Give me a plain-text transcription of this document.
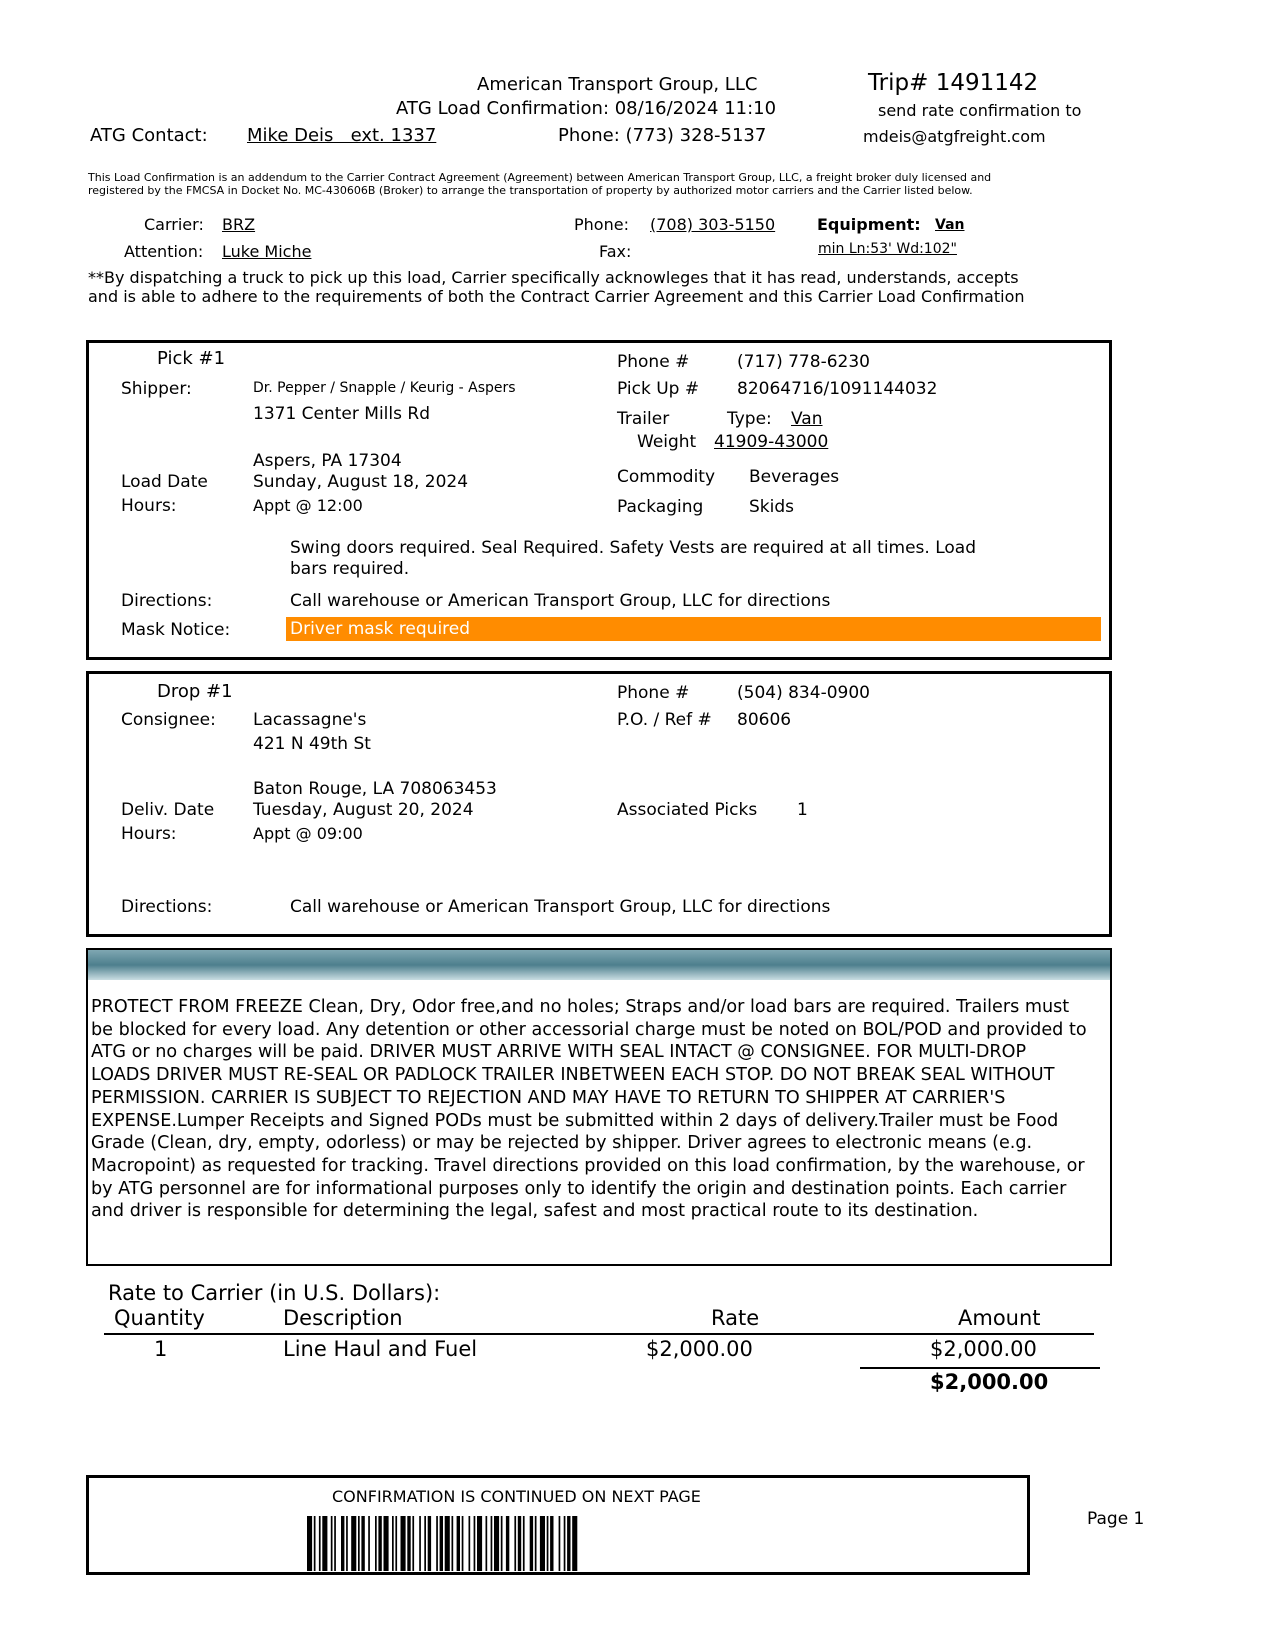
American Transport Group, LLC	Trip# 1491142
ATG Load Confirmation: 08/16/2024 11:10	send rate confirmation to
ATG Contact: Mike Deis   ext. 1337	Phone: (773) 328-5137	mdeis@atgfreight.com
This Load Confirmation is an addendum to the Carrier Contract Agreement (Agreement) between American Transport Group, LLC, a freight broker duly licensed and
registered by the FMCSA in Docket No. MC-430606B (Broker) to arrange the transportation of property by authorized motor carriers and the Carrier listed below.
Carrier: BRZ
Attention: Luke Miche
Phone: (708) 303-5150
Fax:
Equipment: Van
min Ln:53' Wd:102"
**By dispatching a truck to pick up this load, Carrier specifically acknowleges that it has read, understands, accepts
and is able to adhere to the requirements of both the Contract Carrier Agreement and this Carrier Load Confirmation
Pick #1
Shipper:	Dr. Pepper / Snapple / Keurig - Aspers
1371 Center Mills Rd
Aspers, PA 17304
Load Date	Sunday, August 18, 2024
Hours:	Appt @ 12:00
Phone #	(717) 778-6230
Pick Up # 82064716/1091144032
Trailer	Type: Van
Weight 41909-43000
Commodity Beverages
Packaging	Skids
Swing doors required. Seal Required. Safety Vests are required at all times. Load
bars required.
Directions:	Call warehouse or American Transport Group, LLC for directions
Mask Notice:	Driver mask required
Drop #1
Consignee: Lacassagne's
421 N 49th St
Baton Rouge, LA 708063453
Deliv. Date Tuesday, August 20, 2024
Hours:	Appt @ 09:00
Phone #	(504) 834-0900
P.O. / Ref # 80606
Associated Picks 1
Directions:	Call warehouse or American Transport Group, LLC for directions
PROTECT FROM FREEZE Clean, Dry, Odor free,and no holes; Straps and/or load bars are required. Trailers must be blocked for every load. Any detention or other accessorial charge must be noted on BOL/POD and provided to ATG or no charges will be paid. DRIVER MUST ARRIVE WITH SEAL INTACT @ CONSIGNEE. FOR MULTI-DROP LOADS DRIVER MUST RE-SEAL OR PADLOCK TRAILER INBETWEEN EACH STOP. DO NOT BREAK SEAL WITHOUT PERMISSION. CARRIER IS SUBJECT TO REJECTION AND MAY HAVE TO RETURN TO SHIPPER AT CARRIER'S EXPENSE.Lumper Receipts and Signed PODs must be submitted within 2 days of delivery.Trailer must be Food Grade (Clean, dry, empty, odorless) or may be rejected by shipper. Driver agrees to electronic means (e.g. Macropoint) as requested for tracking. Travel directions provided on this load confirmation, by the warehouse, or by ATG personnel are for informational purposes only to identify the origin and destination points. Each carrier and driver is responsible for determining the legal, safest and most practical route to its destination.
Rate to Carrier (in U.S. Dollars):
Quantity	Description	Rate	Amount
1	Line Haul and Fuel	$2,000.00	$2,000.00
$2,000.00
CONFIRMATION IS CONTINUED ON NEXT PAGE
Page 1
